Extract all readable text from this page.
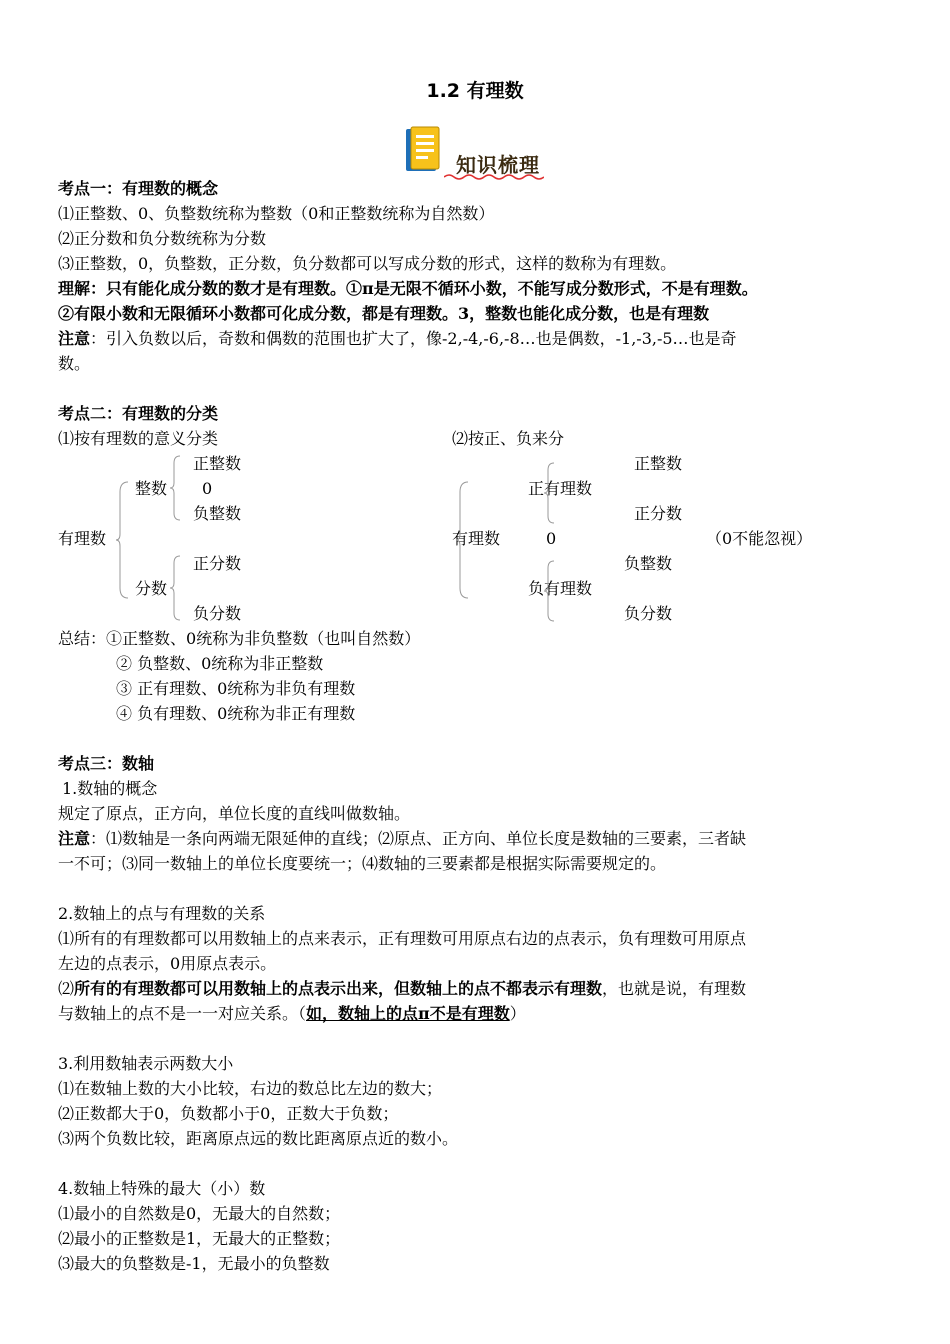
1.2 有理数
知识梳理
考点一：有理数的概念
⑴正整数、0、负整数统称为整数（0和正整数统称为自然数）
⑵正分数和负分数统称为分数
⑶正整数，0，负整数，正分数，负分数都可以写成分数的形式，这样的数称为有理数。
理解：只有能化成分数的数才是有理数。①π是无限不循环小数，不能写成分数形式，不是有理数。
②有限小数和无限循环小数都可化成分数，都是有理数。3，整数也能化成分数，也是有理数
注意：引入负数以后，奇数和偶数的范围也扩大了，像-2,-4,-6,-8…也是偶数，-1,-3,-5…也是奇
数。
考点二：有理数的分类
⑴按有理数的意义分类	⑵按正、负来分
有理数
整数
分数
正整数
0
负整数
正分数
负分数
有理数
正有理数
0
负有理数
正整数
正分数
负整数
负分数
（0不能忽视）
总结：①正整数、0统称为非负整数（也叫自然数）
② 负整数、0统称为非正整数
③ 正有理数、0统称为非负有理数
④ 负有理数、0统称为非正有理数
考点三：数轴
1.数轴的概念
规定了原点，正方向，单位长度的直线叫做数轴。
注意：⑴数轴是一条向两端无限延伸的直线；⑵原点、正方向、单位长度是数轴的三要素，三者缺
一不可；⑶同一数轴上的单位长度要统一；⑷数轴的三要素都是根据实际需要规定的。
2.数轴上的点与有理数的关系
⑴所有的有理数都可以用数轴上的点来表示，正有理数可用原点右边的点表示，负有理数可用原点
左边的点表示，0用原点表示。
⑵所有的有理数都可以用数轴上的点表示出来，但数轴上的点不都表示有理数，也就是说，有理数
与数轴上的点不是一一对应关系。（如，数轴上的点π不是有理数）
3.利用数轴表示两数大小
⑴在数轴上数的大小比较，右边的数总比左边的数大；
⑵正数都大于0，负数都小于0，正数大于负数；
⑶两个负数比较，距离原点远的数比距离原点近的数小。
4.数轴上特殊的最大（小）数
⑴最小的自然数是0，无最大的自然数；
⑵最小的正整数是1，无最大的正整数；
⑶最大的负整数是-1，无最小的负整数
